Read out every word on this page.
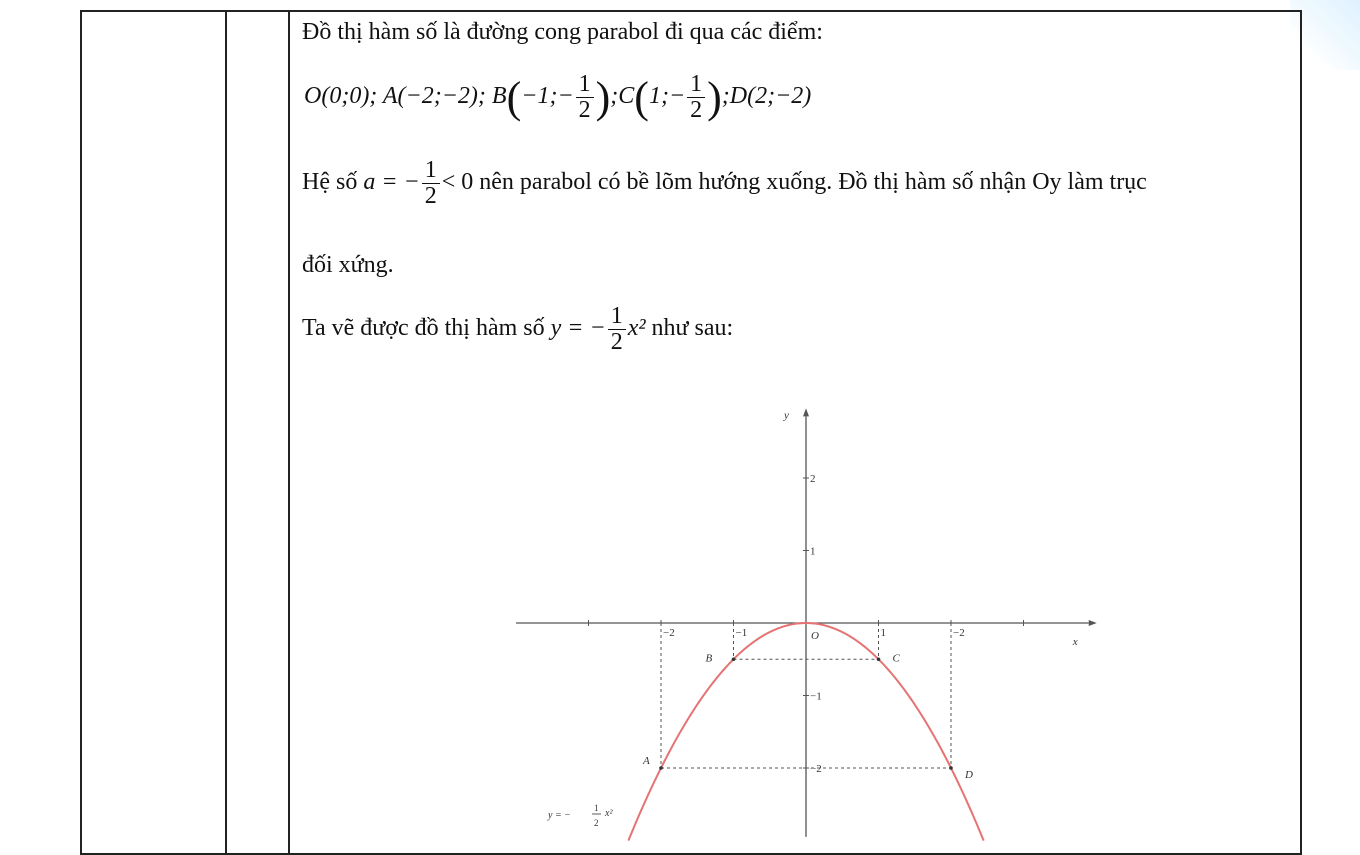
Đồ thị hàm số là đường cong parabol đi qua các điểm:
O(0;0); A(−2;−2); B(−1;− $\frac{1}{2}$ );C(1;− $\frac{1}{2}$ );D(2;−2)
Hệ số a = − $\frac{1}{2} < 0$ nên parabol có bề lõm hướng xuống. Đồ thị hàm số nhận Oy làm trục
đối xứng.
Ta vẽ được đồ thị hàm số y = − $\frac{1}{2} x^2$ như sau:
x
y
O
−2	−1	1	−2
2
1
−1
−2
A
B	C
D
y = −
1
2
x²
